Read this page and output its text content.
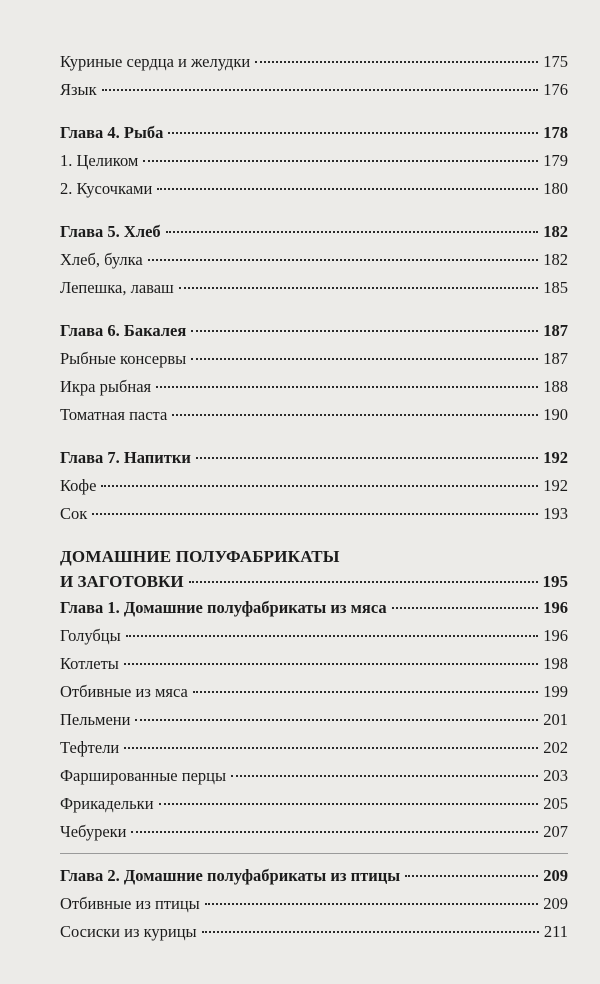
Куриные сердца и желудки	175
Язык	176
Глава 4. Рыба	178
1. Целиком	179
2. Кусочками	180
Глава 5. Хлеб	182
Хлеб, булка	182
Лепешка, лаваш	185
Глава 6. Бакалея	187
Рыбные консервы	187
Икра рыбная	188
Томатная паста	190
Глава 7. Напитки	192
Кофе	192
Сок	193
ДОМАШНИЕ ПОЛУФАБРИКАТЫ
И ЗАГОТОВКИ	195
Глава 1. Домашние полуфабрикаты из мяса	196
Голубцы	196
Котлеты	198
Отбивные из мяса	199
Пельмени	201
Тефтели	202
Фаршированные перцы	203
Фрикадельки	205
Чебуреки	207
Глава 2. Домашние полуфабрикаты из птицы	209
Отбивные из птицы	209
Сосиски из курицы	211
